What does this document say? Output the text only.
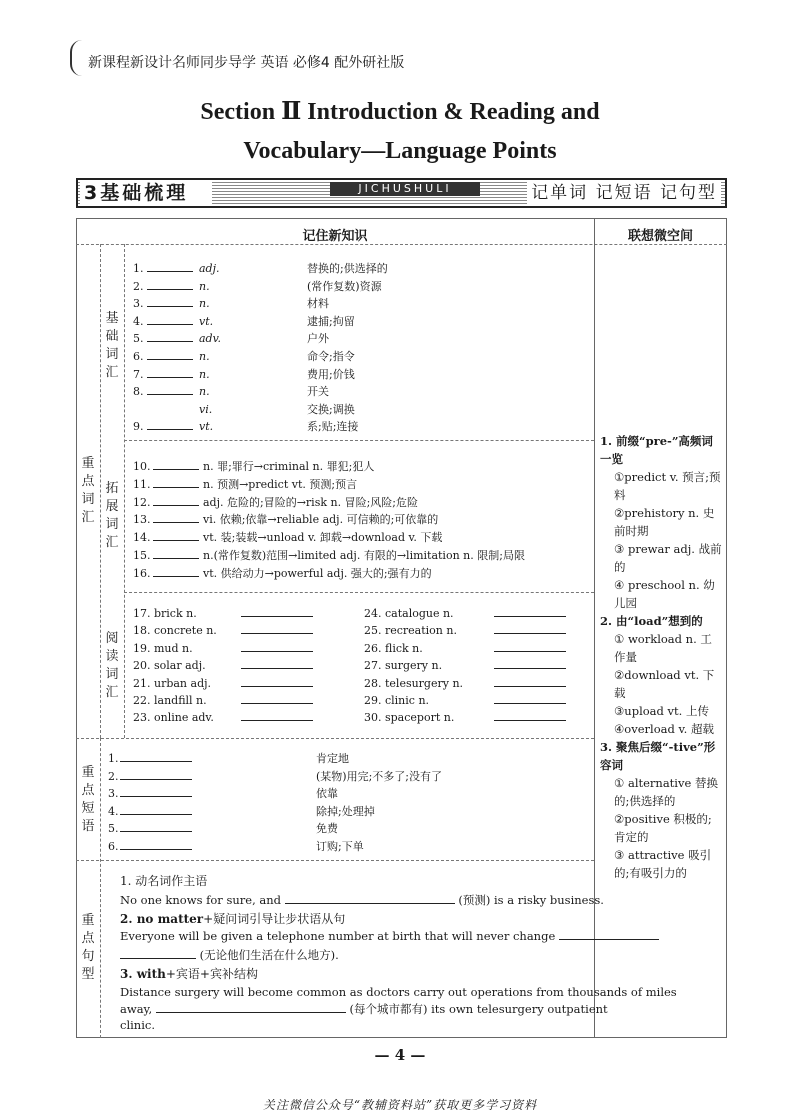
新课程新设计名师同步导学 英语 必修4 配外研社版
Section Ⅱ Introduction & Reading and
Vocabulary—Language Points
3基础梳理	JICHUSHULI	记单词 记短语 记句型
记住新知识	联想微空间
重点词汇
基础词汇
拓展词汇
阅读词汇
重点短语
重点句型
1.	adj.	替换的;供选择的
2.	n.	(常作复数)资源
3.	n.	材料
4.	vt.	逮捕;拘留
5.	adv.	户外
6.	n.	命令;指令
7.	n.	费用;价钱
8.	n.	开关
vi.	交换;调换
9.	vt.	系;贴;连接
10.	n. 罪;罪行→criminal n. 罪犯;犯人
11.	n. 预测→predict vt. 预测;预言
12.	adj. 危险的;冒险的→risk n. 冒险;风险;危险
13.	vi. 依赖;依靠→reliable adj. 可信赖的;可依靠的
14.	vt. 装;装载→unload v. 卸载→download v. 下载
15.	n.(常作复数)范围→limited adj. 有限的→limitation n. 限制;局限
16.	vt. 供给动力→powerful adj. 强大的;强有力的
17. brick n.	24. catalogue n.
18. concrete n.	25. recreation n.
19. mud n.	26. flick n.
20. solar adj.	27. surgery n.
21. urban adj.	28. telesurgery n.
22. landfill n.	29. clinic n.
23. online adv.	30. spaceport n.
1.	肯定地
2.	(某物)用完;不多了;没有了
3.	依靠
4.	除掉;处理掉
5.	免费
6.	订购;下单
1. 动名词作主语
No one knows for sure, and	(预测) is a risky business.
2. no matter+疑问词引导让步状语从句
Everyone will be given a telephone number at birth that will never change
(无论他们生活在什么地方).
3. with+宾语+宾补结构
Distance surgery will become common as doctors carry out operations from thousands of miles
away,	(每个城市都有) its own telesurgery outpatient
clinic.
1. 前缀“pre-”高频词一览
①predict v. 预言;预料
②prehistory n. 史前时期
③ prewar adj. 战前的
④ preschool n. 幼儿园
2. 由“load”想到的
① workload n. 工作量
②download vt. 下载
③upload vt. 上传
④overload v. 超载
3. 聚焦后缀“-tive”形容词
① alternative 替换的;供选择的
②positive 积极的;肯定的
③ attractive 吸引的;有吸引力的
— 4 —
关注微信公众号“教辅资料站”获取更多学习资料
